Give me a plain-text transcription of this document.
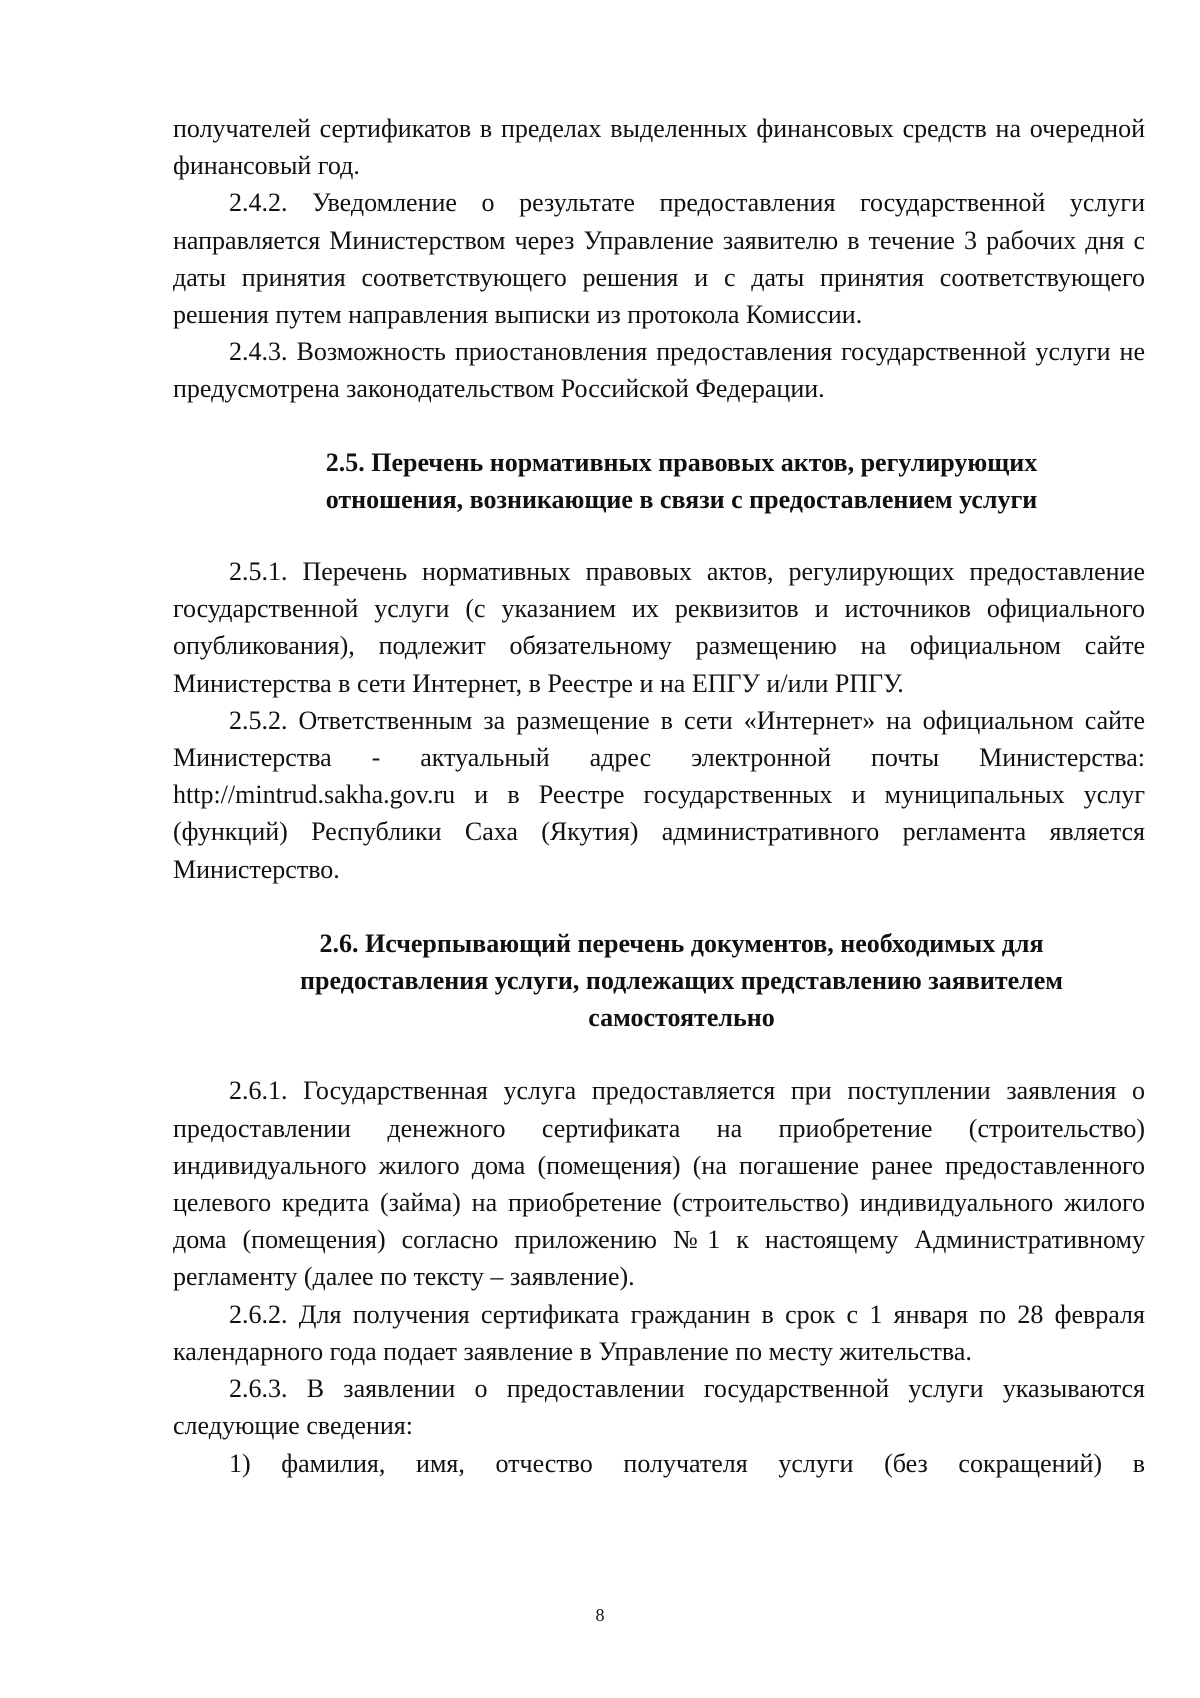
получателей сертификатов в пределах выделенных финансовых средств на очередной финансовый год.

2.4.2. Уведомление о результате предоставления государственной услуги направляется Министерством через Управление заявителю в течение 3 рабочих дня с даты принятия соответствующего решения и с даты принятия соответствующего решения путем направления выписки из протокола Комиссии.

2.4.3. Возможность приостановления предоставления государственной услуги не предусмотрена законодательством Российской Федерации.

2.5. Перечень нормативных правовых актов, регулирующих
отношения, возникающие в связи с предоставлением услуги

2.5.1. Перечень нормативных правовых актов, регулирующих предоставление государственной услуги (с указанием их реквизитов и источников официального опубликования), подлежит обязательному размещению на официальном сайте Министерства в сети Интернет, в Реестре и на ЕПГУ и/или РПГУ.

2.5.2. Ответственным за размещение в сети «Интернет» на официальном сайте Министерства - актуальный адрес электронной почты Министерства: http://mintrud.sakha.gov.ru и в Реестре государственных и муниципальных услуг (функций) Республики Саха (Якутия) административного регламента является Министерство.

2.6. Исчерпывающий перечень документов, необходимых для
предоставления услуги, подлежащих представлению заявителем
самостоятельно

2.6.1. Государственная услуга предоставляется при поступлении заявления о предоставлении денежного сертификата на приобретение (строительство) индивидуального жилого дома (помещения) (на погашение ранее предоставленного целевого кредита (займа) на приобретение (строительство) индивидуального жилого дома (помещения) согласно приложению №1 к настоящему Административному регламенту (далее по тексту – заявление).

2.6.2. Для получения сертификата гражданин в срок с 1 января по 28 февраля календарного года подает заявление в Управление по месту жительства.

2.6.3. В заявлении о предоставлении государственной услуги указываются следующие сведения:

1) фамилия, имя, отчество получателя услуги (без сокращений) в

8
